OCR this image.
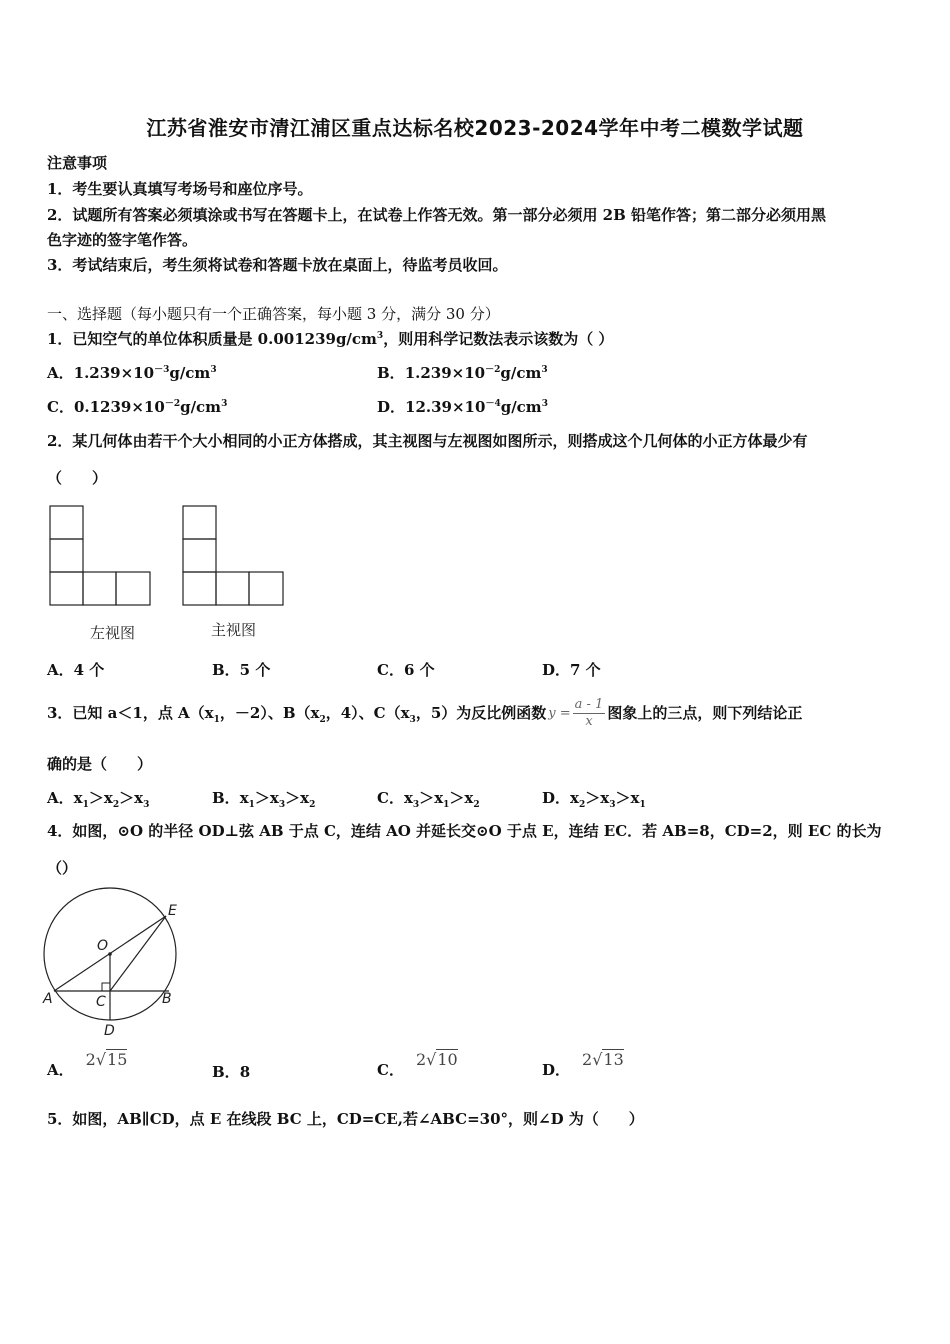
江苏省淮安市清江浦区重点达标名校2023-2024学年中考二模数学试题
注意事项
1．考生要认真填写考场号和座位序号。
2．试题所有答案必须填涂或书写在答题卡上，在试卷上作答无效。第一部分必须用 2B 铅笔作答；第二部分必须用黑
色字迹的签字笔作答。
3．考试结束后，考生须将试卷和答题卡放在桌面上，待监考员收回。
一、选择题（每小题只有一个正确答案，每小题 3 分，满分 30 分）
1．已知空气的单位体积质量是 $0.001239g/cm^3$，则用科学记数法表示该数为（ ）
A．$1.239\times 10^{-3}g/cm^3$	B．$1.239\times 10^{-2}g/cm^3$
C．$0.1239\times 10^{-2}g/cm^3$	D．$12.39\times 10^{-4}g/cm^3$
2．某几何体由若干个大小相同的小正方体搭成，其主视图与左视图如图所示，则搭成这个几何体的小正方体最少有
（　　）
左视图	主视图
A．4 个	B．5 个	C．6 个	D．7 个
3．已知 a＜1，点 $A(x_1$，－2）、$B(x_2$，4）、$C(x_3$，5）为反比例函数 $y = \frac{a - 1}{x}$ 图象上的三点，则下列结论正
确的是（　　）
A．$x_1>x_2>x_3$	B．$x_1>x_3>x_2$	C．$x_3>x_1>x_2$	D．$x_2>x_3>x_1$
4．如图，⊙O 的半径 OD⊥弦 AB 于点 C，连结 AO 并延长交⊙O 于点 E，连结 EC．若 AB=8，CD=2，则 EC 的长为
（）
E
O
A	C	B
D
A．2√15
B．8	C．2√10
D．2√13
5．如图，AB∥CD，点 E 在线段 BC 上，CD=CE,若∠ABC=30°，则∠D 为（　　）
